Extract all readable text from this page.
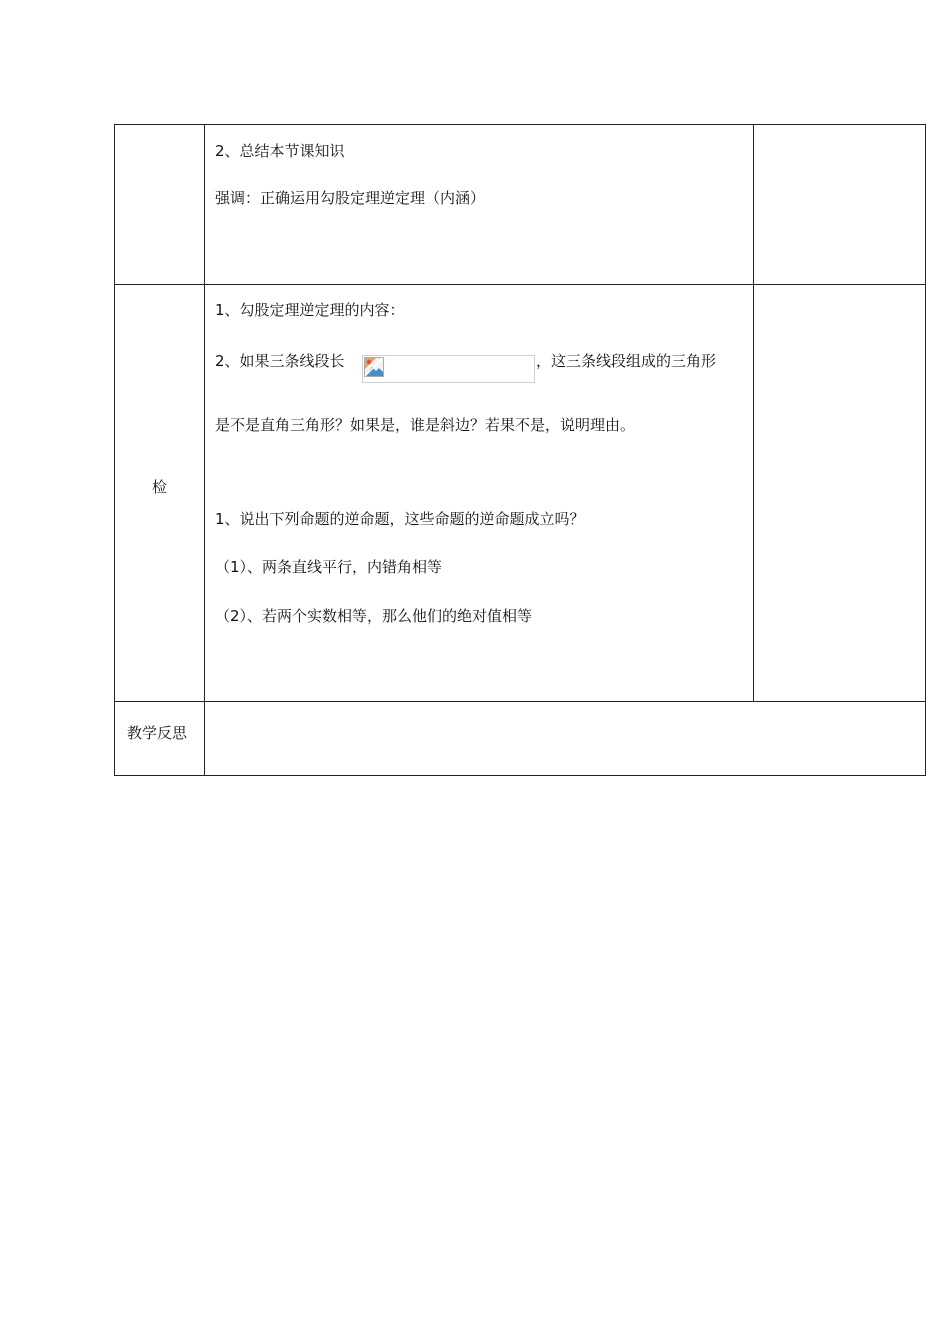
2、总结本节课知识
强调：正确运用勾股定理逆定理（内涵）
检
1、勾股定理逆定理的内容：
2、如果三条线段长	，这三条线段组成的三角形
是不是直角三角形？如果是，谁是斜边？若果不是，说明理由。
1、说出下列命题的逆命题，这些命题的逆命题成立吗？
（1）、两条直线平行，内错角相等
（2）、若两个实数相等，那么他们的绝对值相等
教学反思
